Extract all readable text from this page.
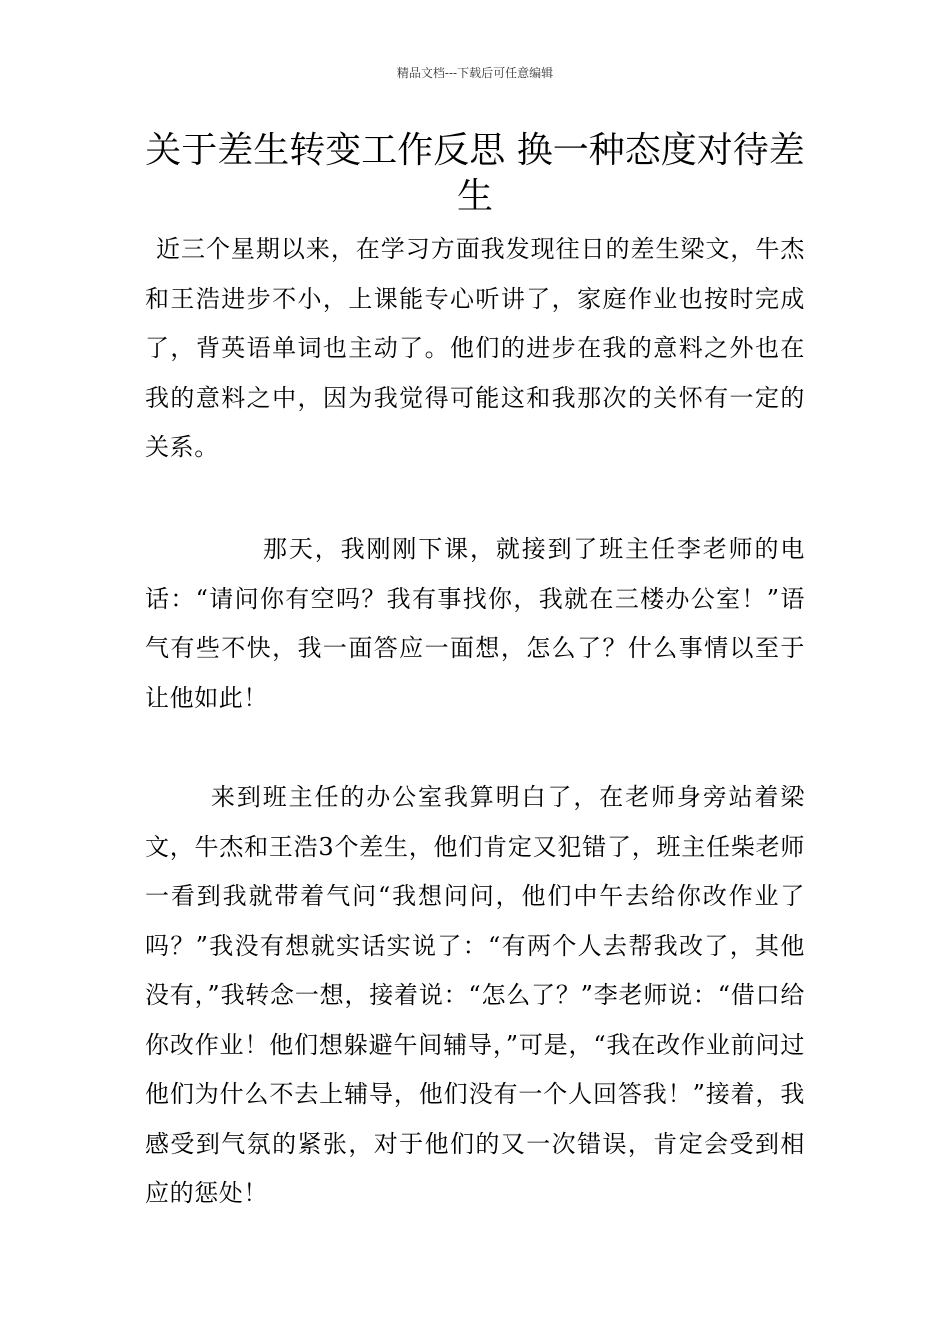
精品文档---下载后可任意编辑
关于差生转变工作反思 换一种态度对待差生

近三个星期以来，在学习方面我发现往日的差生梁文，牛杰 和王浩进步不小，上课能专心听讲了，家庭作业也按时完成了，背英语单词也主动了。他们的进步在我的意料之外也在我的意料之中，因为我觉得可能这和我那次的关怀有一定的关系。

那天，我刚刚下课，就接到了班主任李老师的电话：“请问你有空吗？我有事找你，我就在三楼办公室！”语气有些不快，我一面答应一面想，怎么了？什么事情以至于让他如此！

来到班主任的办公室我算明白了，在老师身旁站着梁文，牛杰和王浩3个差生，他们肯定又犯错了，班主任柴老师一看到我就带着气问“我想问问，他们中午去给你改作业了吗？”我没有想就实话实说了：“有两个人去帮我改了，其他没有，”我转念一想，接着说：“怎么了？”李老师说：“借口给你改作业！他们想躲避午间辅导，”可是，“我在改作业前问过他们为什么不去上辅导，他们没有一个人回答我！”接着，我感受到气氛的紧张，对于他们的又一次错误，肯定会受到相应的惩处！
